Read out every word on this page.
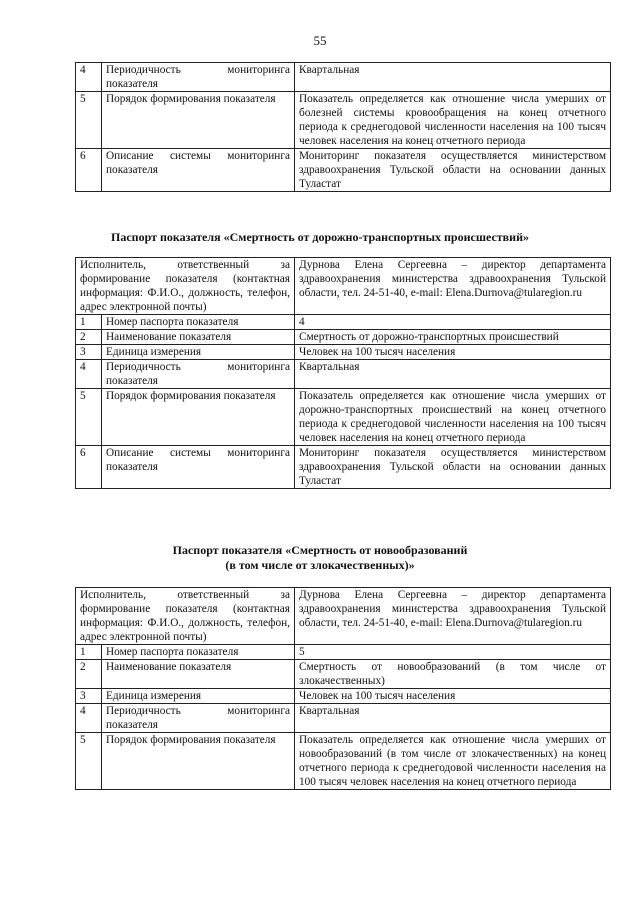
55
4	Периодичность мониторинга показателя	Квартальная
5	Порядок формирования показателя	Показатель определяется как отношение числа умерших от болезней системы кровообращения на конец отчетного периода к среднегодовой численности населения на 100 тысяч человек населения на конец отчетного периода
6	Описание системы мониторинга показателя	Мониторинг показателя осуществляется министерством здравоохранения Тульской области на основании данных Туластат
Паспорт показателя «Смертность от дорожно-транспортных происшествий»
Исполнитель, ответственный за формирование показателя (контактная информация: Ф.И.О., должность, телефон, адрес электронной почты)		Дурнова Елена Сергеевна – директор департамента здравоохранения министерства здравоохранения Тульской области, тел. 24-51-40, e-mail: Elena.Durnova@tularegion.ru
1	Номер паспорта показателя	4
2	Наименование показателя	Смертность от дорожно-транспортных происшествий
3	Единица измерения	Человек на 100 тысяч населения
4	Периодичность мониторинга показателя	Квартальная
5	Порядок формирования показателя	Показатель определяется как отношение числа умерших от дорожно-транспортных происшествий на конец отчетного периода к среднегодовой численности населения на 100 тысяч человек населения на конец отчетного периода
6	Описание системы мониторинга показателя	Мониторинг показателя осуществляется министерством здравоохранения Тульской области на основании данных Туластат
Паспорт показателя «Смертность от новообразований
(в том числе от злокачественных)»
Исполнитель, ответственный за формирование показателя (контактная информация: Ф.И.О., должность, телефон, адрес электронной почты)		Дурнова Елена Сергеевна – директор департамента здравоохранения министерства здравоохранения Тульской области, тел. 24-51-40, e-mail: Elena.Durnova@tularegion.ru
1	Номер паспорта показателя	5
2	Наименование показателя	Смертность от новообразований (в том числе от злокачественных)
3	Единица измерения	Человек на 100 тысяч населения
4	Периодичность мониторинга показателя	Квартальная
5	Порядок формирования показателя	Показатель определяется как отношение числа умерших от новообразований (в том числе от злокачественных) на конец отчетного периода к среднегодовой численности населения на 100 тысяч человек населения на конец отчетного периода
